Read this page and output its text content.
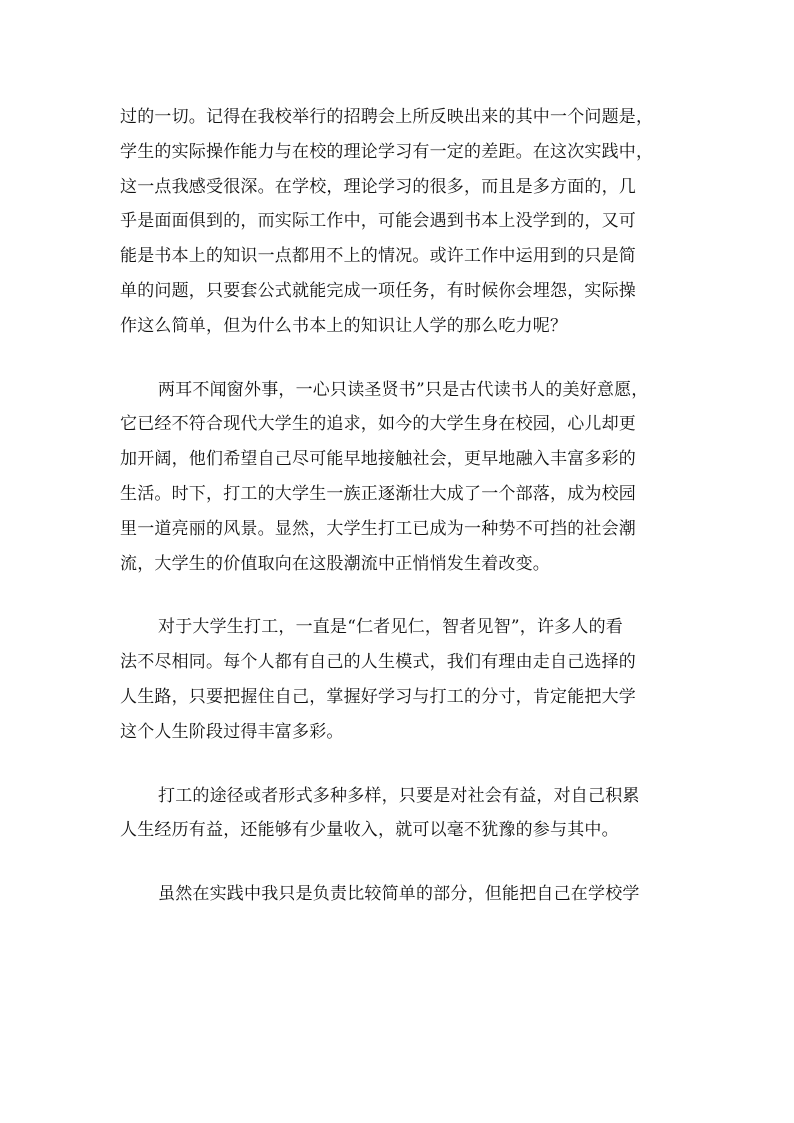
过的一切。记得在我校举行的招聘会上所反映出来的其中一个问题是，
学生的实际操作能力与在校的理论学习有一定的差距。在这次实践中，
这一点我感受很深。在学校，理论学习的很多，而且是多方面的，几
乎是面面俱到的，而实际工作中，可能会遇到书本上没学到的，又可
能是书本上的知识一点都用不上的情况。或许工作中运用到的只是简
单的问题，只要套公式就能完成一项任务，有时候你会埋怨，实际操
作这么简单，但为什么书本上的知识让人学的那么吃力呢？
两耳不闻窗外事，一心只读圣贤书”只是古代读书人的美好意愿，
它已经不符合现代大学生的追求，如今的大学生身在校园，心儿却更
加开阔，他们希望自己尽可能早地接触社会，更早地融入丰富多彩的
生活。时下，打工的大学生一族正逐渐壮大成了一个部落，成为校园
里一道亮丽的风景。显然，大学生打工已成为一种势不可挡的社会潮
流，大学生的价值取向在这股潮流中正悄悄发生着改变。
对于大学生打工，一直是“仁者见仁，智者见智”，许多人的看
法不尽相同。每个人都有自己的人生模式，我们有理由走自己选择的
人生路，只要把握住自己，掌握好学习与打工的分寸，肯定能把大学
这个人生阶段过得丰富多彩。
打工的途径或者形式多种多样，只要是对社会有益，对自己积累
人生经历有益，还能够有少量收入，就可以毫不犹豫的参与其中。
虽然在实践中我只是负责比较简单的部分，但能把自己在学校学
